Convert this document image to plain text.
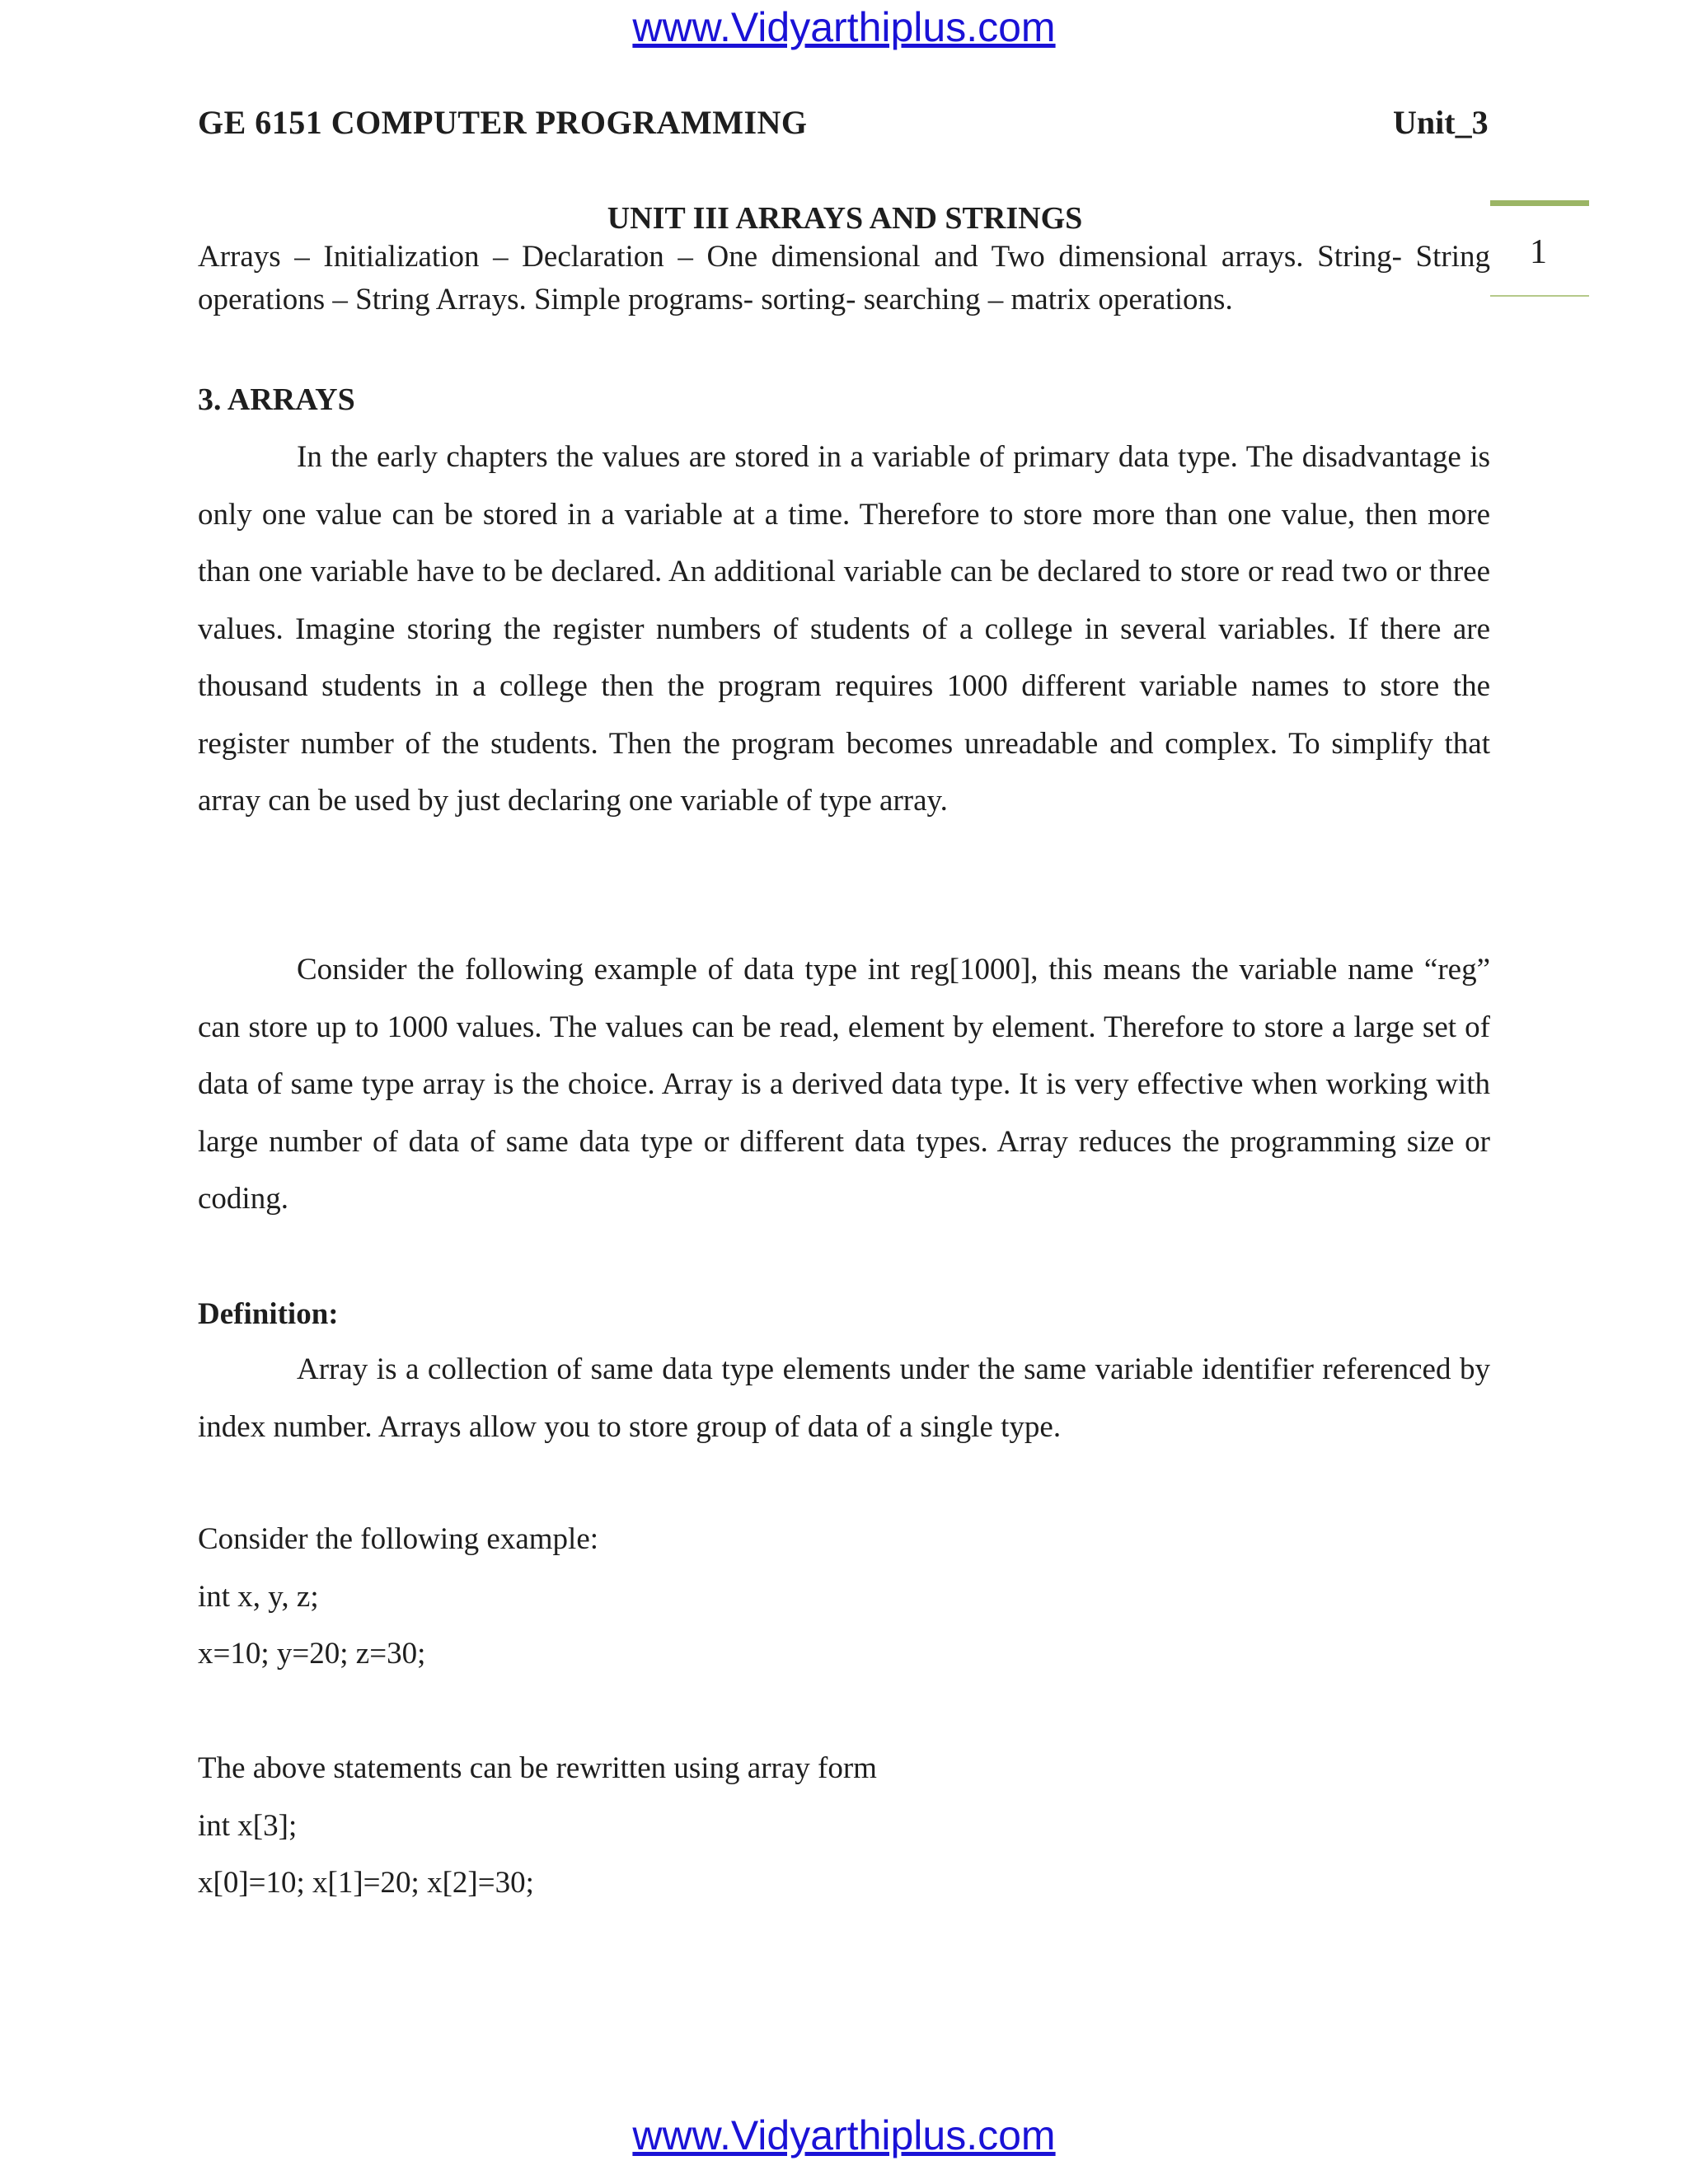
www.Vidyarthiplus.com
GE 6151 COMPUTER PROGRAMMING	Unit_3
1
UNIT III ARRAYS AND STRINGS
Arrays – Initialization – Declaration – One dimensional and Two dimensional arrays. String- String operations – String Arrays. Simple programs- sorting- searching – matrix operations.
3. ARRAYS

In the early chapters the values are stored in a variable of primary data type. The disadvantage is only one value can be stored in a variable at a time. Therefore to store more than one value, then more than one variable have to be declared. An additional variable can be declared to store or read two or three values. Imagine storing the register numbers of students of a college in several variables. If there are thousand students in a college then the program requires 1000 different variable names to store the register number of the students. Then the program becomes unreadable and complex. To simplify that array can be used by just declaring one variable of type array.

Consider the following example of data type int reg[1000], this means the variable name “reg” can store up to 1000 values. The values can be read, element by element. Therefore to store a large set of data of same type array is the choice. Array is a derived data type. It is very effective when working with large number of data of same data type or different data types. Array reduces the programming size or coding.

Definition:

Array is a collection of same data type elements under the same variable identifier referenced by index number. Arrays allow you to store group of data of a single type.

Consider the following example:
int x, y, z;
x=10; y=20; z=30;
The above statements can be rewritten using array form
int x[3];
x[0]=10; x[1]=20; x[2]=30;
www.Vidyarthiplus.com
